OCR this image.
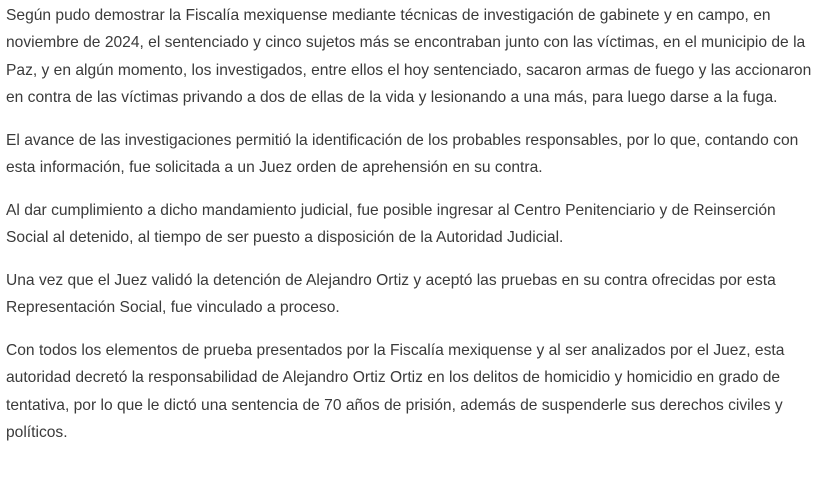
Según pudo demostrar la Fiscalía mexiquense mediante técnicas de investigación de gabinete y en campo, en noviembre de 2024, el sentenciado y cinco sujetos más se encontraban junto con las víctimas, en el municipio de la Paz, y en algún momento, los investigados, entre ellos el hoy sentenciado, sacaron armas de fuego y las accionaron en contra de las víctimas privando a dos de ellas de la vida y lesionando a una más, para luego darse a la fuga.

El avance de las investigaciones permitió la identificación de los probables responsables, por lo que, contando con esta información, fue solicitada a un Juez orden de aprehensión en su contra.

Al dar cumplimiento a dicho mandamiento judicial, fue posible ingresar al Centro Penitenciario y de Reinserción Social al detenido, al tiempo de ser puesto a disposición de la Autoridad Judicial.

Una vez que el Juez validó la detención de Alejandro Ortiz y aceptó las pruebas en su contra ofrecidas por esta Representación Social, fue vinculado a proceso.

Con todos los elementos de prueba presentados por la Fiscalía mexiquense y al ser analizados por el Juez, esta autoridad decretó la responsabilidad de Alejandro Ortiz Ortiz en los delitos de homicidio y homicidio en grado de tentativa, por lo que le dictó una sentencia de 70 años de prisión, además de suspenderle sus derechos civiles y políticos.
